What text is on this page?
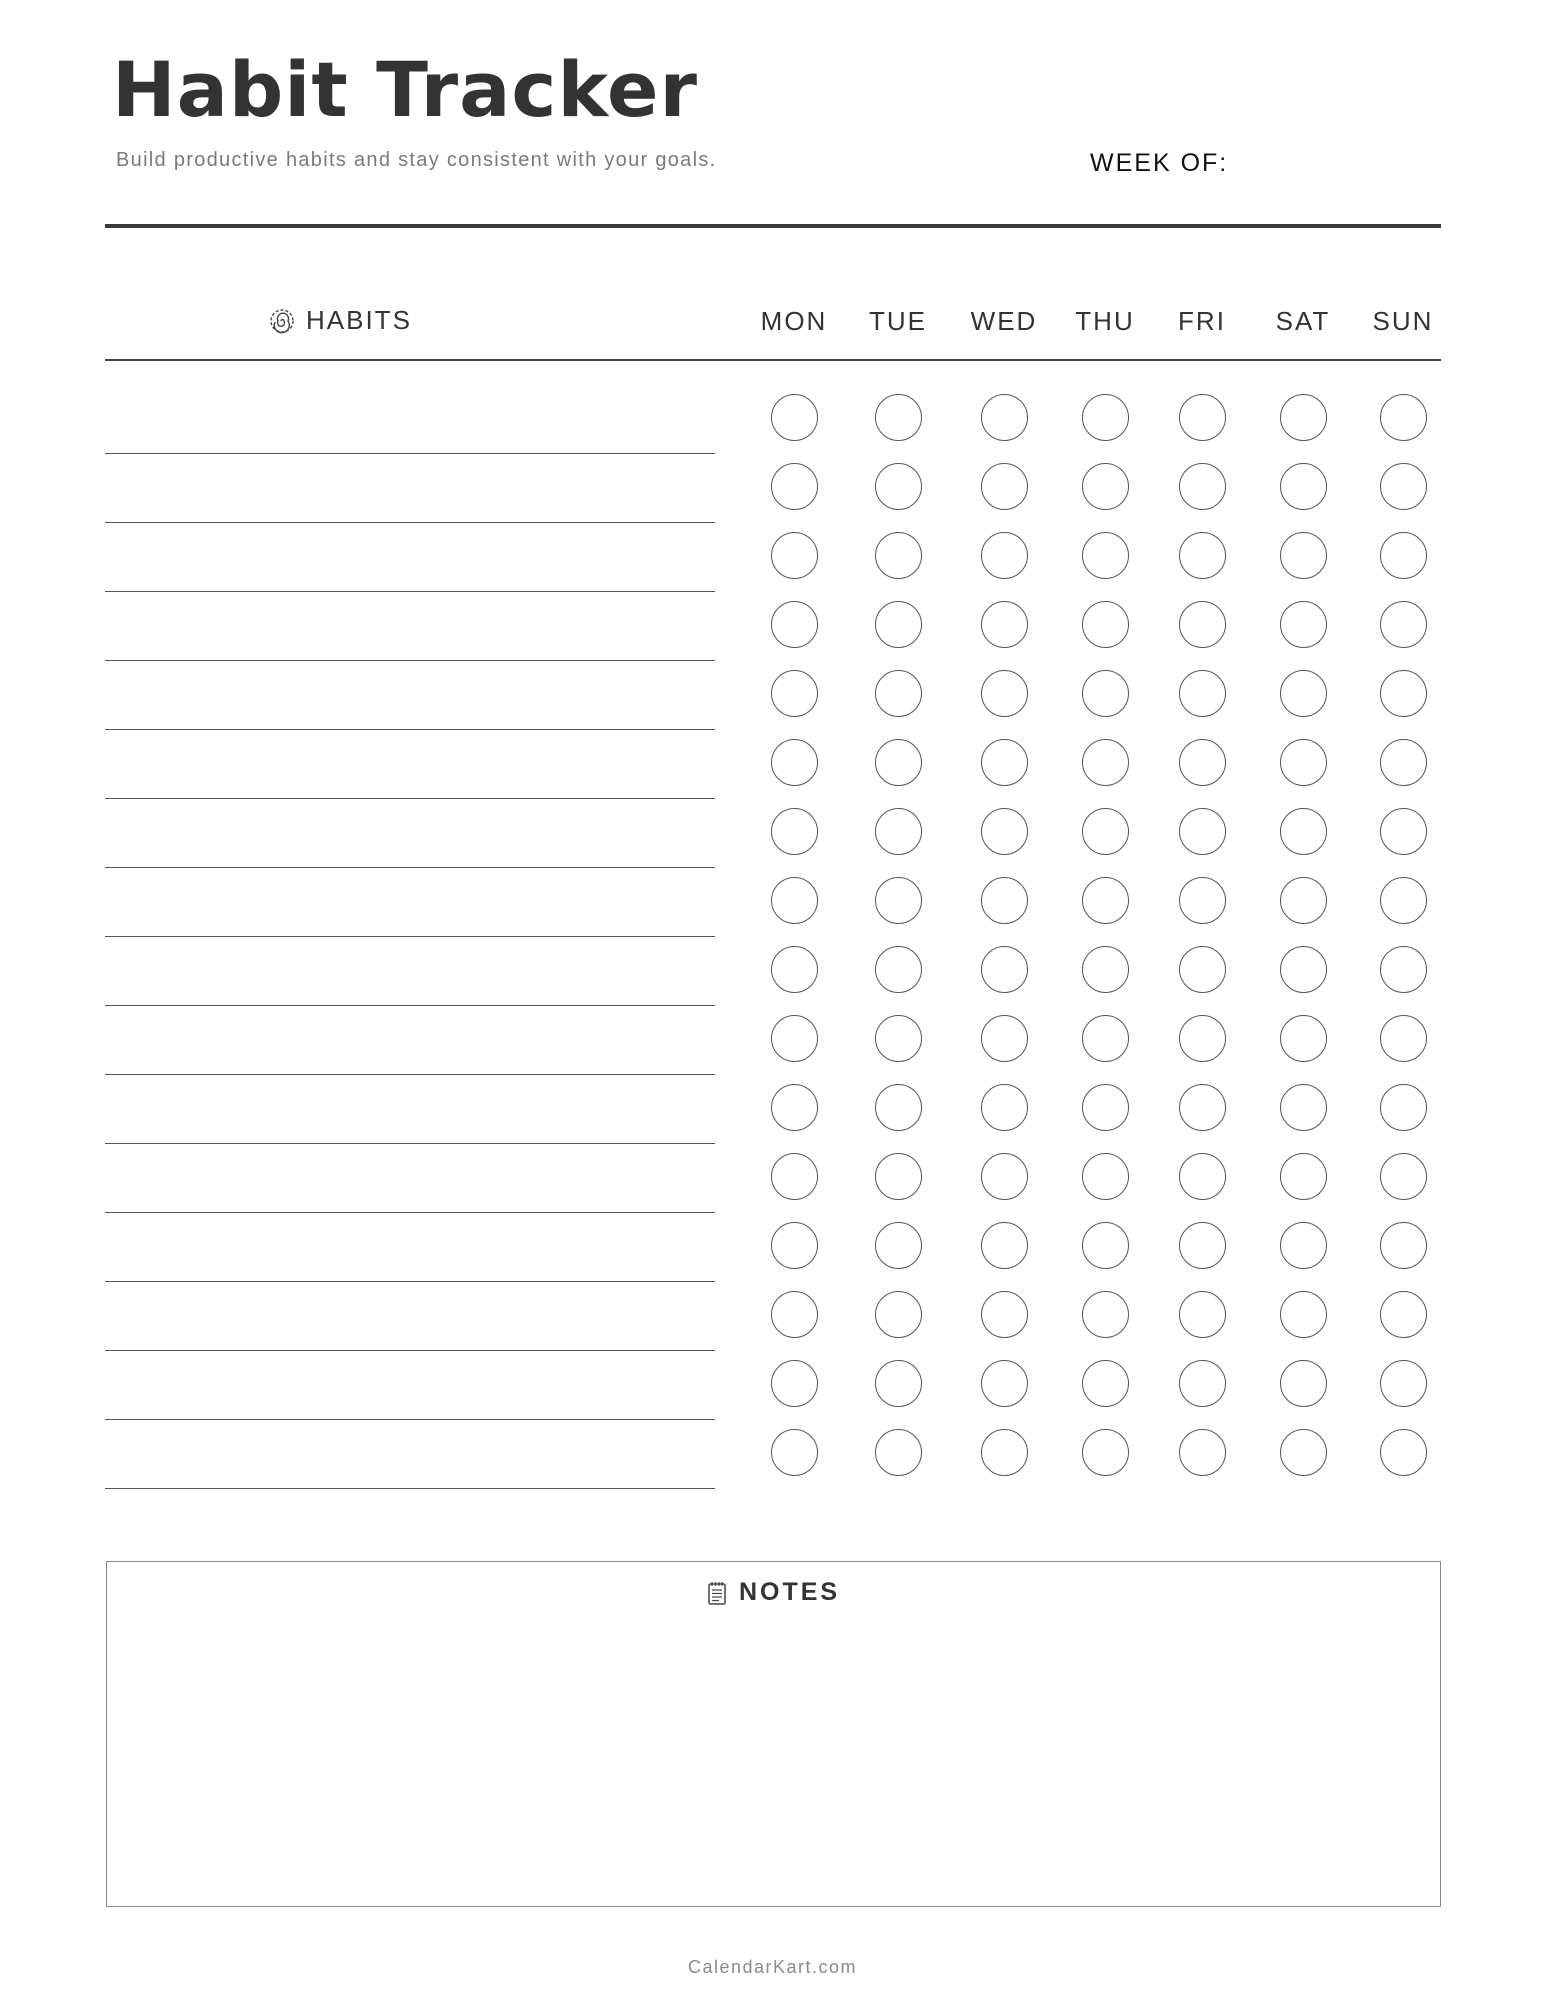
Habit Tracker
Build productive habits and stay consistent with your goals.	WEEK OF:
HABITS	MON	TUE	WED	THU	FRI	SAT	SUN
NOTES
CalendarKart.com
